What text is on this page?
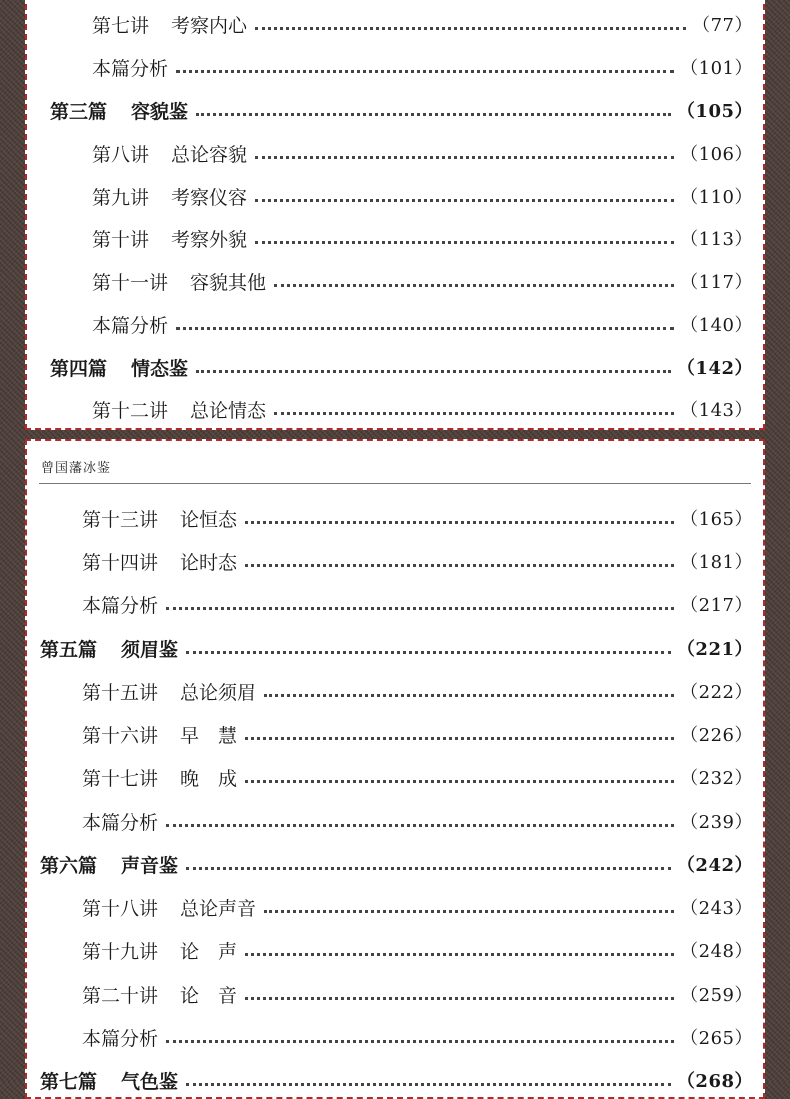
第七讲 考察内心	（77）
本篇分析	（101）
第三篇 容貌鉴	（105）
第八讲 总论容貌	（106）
第九讲 考察仪容	（110）
第十讲 考察外貌	（113）
第十一讲 容貌其他	（117）
本篇分析	（140）
第四篇 情态鉴	（142）
第十二讲 总论情态	（143）
曾国藩冰鉴
第十三讲 论恒态	（165）
第十四讲 论时态	（181）
本篇分析	（217）
第五篇 须眉鉴	（221）
第十五讲 总论须眉	（222）
第十六讲 早　慧	（226）
第十七讲 晚　成	（232）
本篇分析	（239）
第六篇 声音鉴	（242）
第十八讲 总论声音	（243）
第十九讲 论　声	（248）
第二十讲 论　音	（259）
本篇分析	（265）
第七篇 气色鉴	（268）
